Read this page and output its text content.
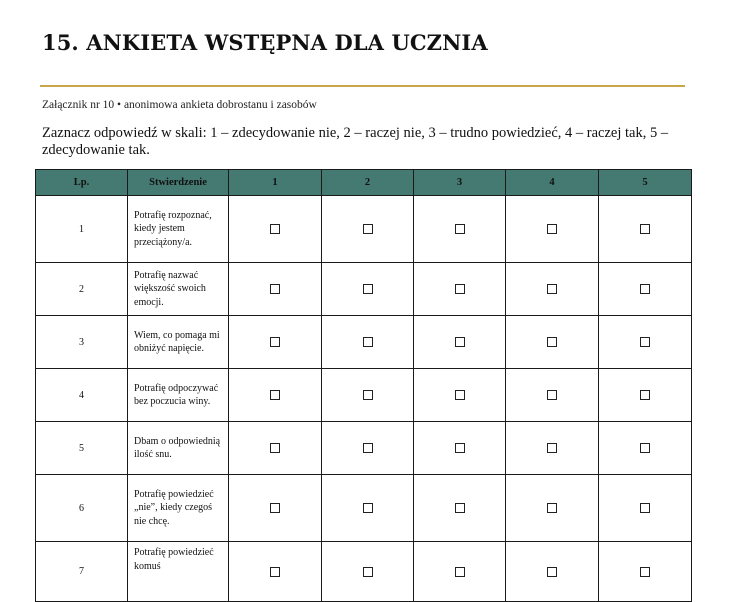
15. ANKIETA WSTĘPNA DLA UCZNIA
Załącznik nr 10 • anonimowa ankieta dobrostanu i zasobów
Zaznacz odpowiedź w skali: 1 – zdecydowanie nie, 2 – raczej nie, 3 – trudno powiedzieć, 4 – raczej tak, 5 – zdecydowanie tak.
Lp.	Stwierdzenie	1	2	3	4	5
1	Potrafię rozpoznać, kiedy jestem przeciążony/a.					
2	Potrafię nazwać większość swoich emocji.					
3	Wiem, co pomaga mi obniżyć napięcie.					
4	Potrafię odpoczywać bez poczucia winy.					
5	Dbam o odpowiednią ilość snu.					
6	Potrafię powiedzieć „nie”, kiedy czegoś nie chcę.					
7	Potrafię powiedzieć komuś					
